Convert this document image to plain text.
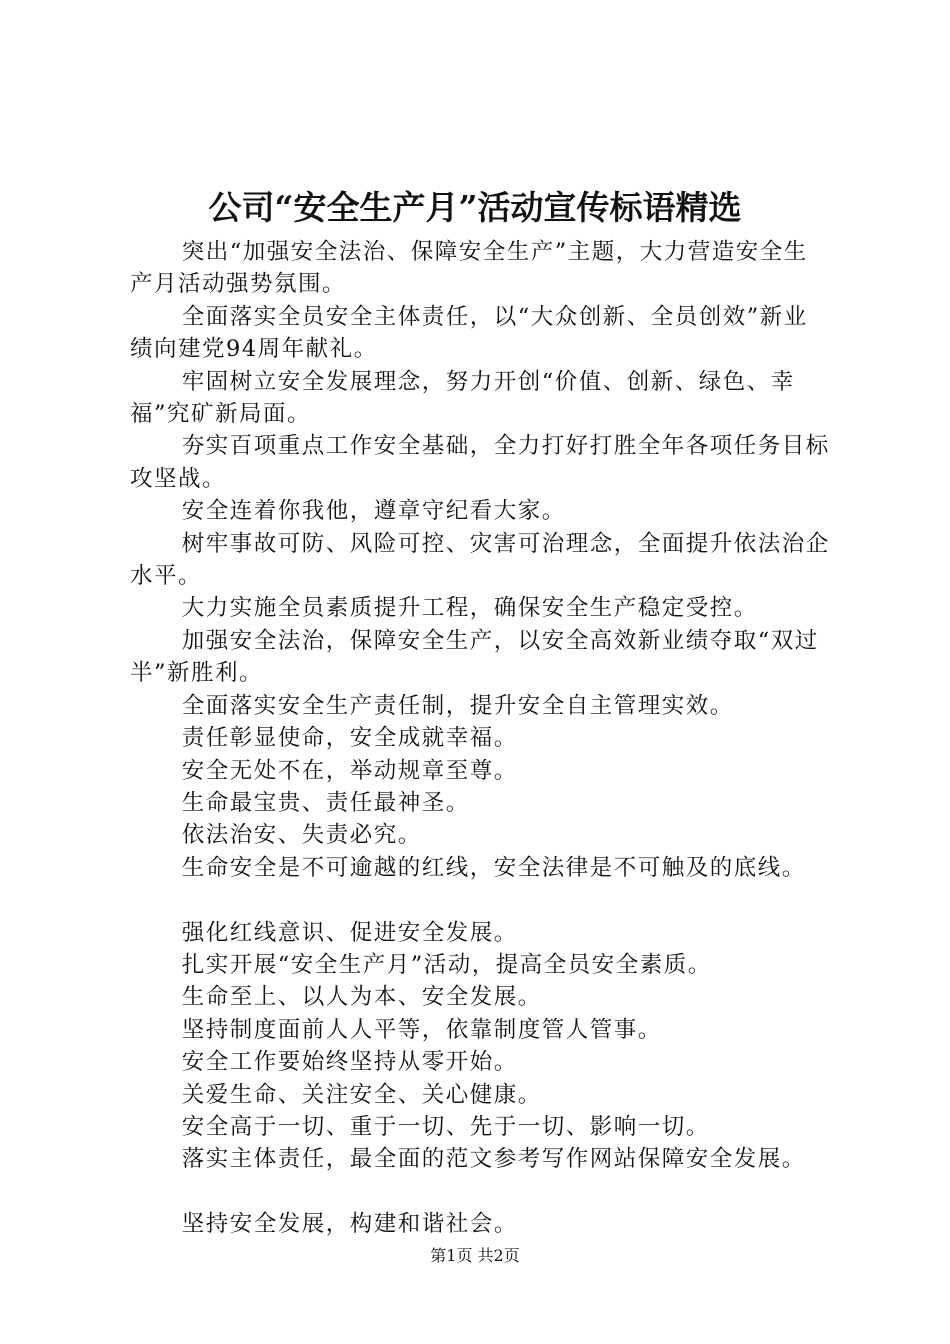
公司“安全生产月”活动宣传标语精选

突出“加强安全法治、保障安全生产”主题，大力营造安全生产月活动强势氛围。

全面落实全员安全主体责任，以“大众创新、全员创效”新业绩向建党94周年献礼。

牢固树立安全发展理念，努力开创“价值、创新、绿色、幸福”究矿新局面。

夯实百项重点工作安全基础，全力打好打胜全年各项任务目标攻坚战。

安全连着你我他，遵章守纪看大家。

树牢事故可防、风险可控、灾害可治理念，全面提升依法治企水平。

大力实施全员素质提升工程，确保安全生产稳定受控。

加强安全法治，保障安全生产，以安全高效新业绩夺取“双过半”新胜利。

全面落实安全生产责任制，提升安全自主管理实效。

责任彰显使命，安全成就幸福。

安全无处不在，举动规章至尊。

生命最宝贵、责任最神圣。

依法治安、失责必究。

生命安全是不可逾越的红线，安全法律是不可触及的底线。

强化红线意识、促进安全发展。

扎实开展“安全生产月”活动，提高全员安全素质。

生命至上、以人为本、安全发展。

坚持制度面前人人平等，依靠制度管人管事。

安全工作要始终坚持从零开始。

关爱生命、关注安全、关心健康。

安全高于一切、重于一切、先于一切、影响一切。

落实主体责任，最全面的范文参考写作网站保障安全发展。

坚持安全发展，构建和谐社会。

第1页 共2页
